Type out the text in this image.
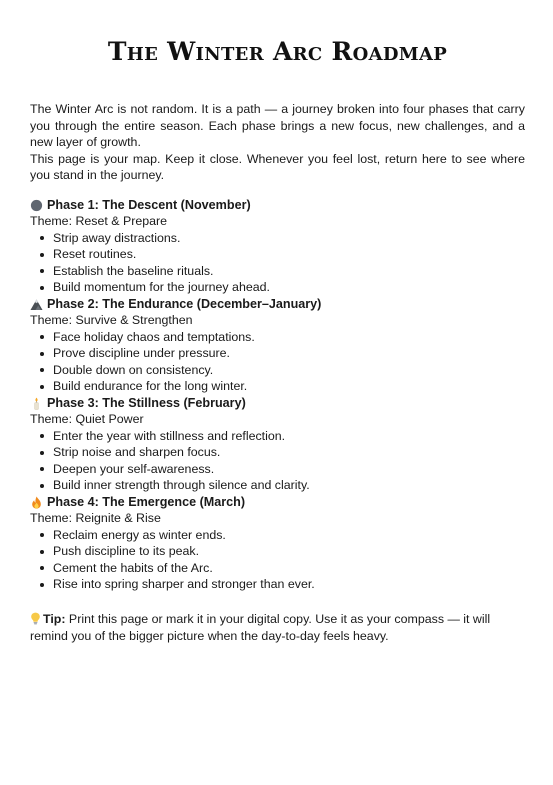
The Winter Arc Roadmap

The Winter Arc is not random. It is a path — a journey broken into four phases that carry you through the entire season. Each phase brings a new focus, new challenges, and a new layer of growth.

This page is your map. Keep it close. Whenever you feel lost, return here to see where you stand in the journey.

Phase 1: The Descent (November)
Theme: Reset & Prepare
Strip away distractions.
Reset routines.
Establish the baseline rituals.
Build momentum for the journey ahead.
Phase 2: The Endurance (December–January)
Theme: Survive & Strengthen
Face holiday chaos and temptations.
Prove discipline under pressure.
Double down on consistency.
Build endurance for the long winter.
Phase 3: The Stillness (February)
Theme: Quiet Power
Enter the year with stillness and reflection.
Strip noise and sharpen focus.
Deepen your self-awareness.
Build inner strength through silence and clarity.
Phase 4: The Emergence (March)
Theme: Reignite & Rise
Reclaim energy as winter ends.
Push discipline to its peak.
Cement the habits of the Arc.
Rise into spring sharper and stronger than ever.
Tip: Print this page or mark it in your digital copy. Use it as your compass — it will remind you of the bigger picture when the day-to-day feels heavy.
